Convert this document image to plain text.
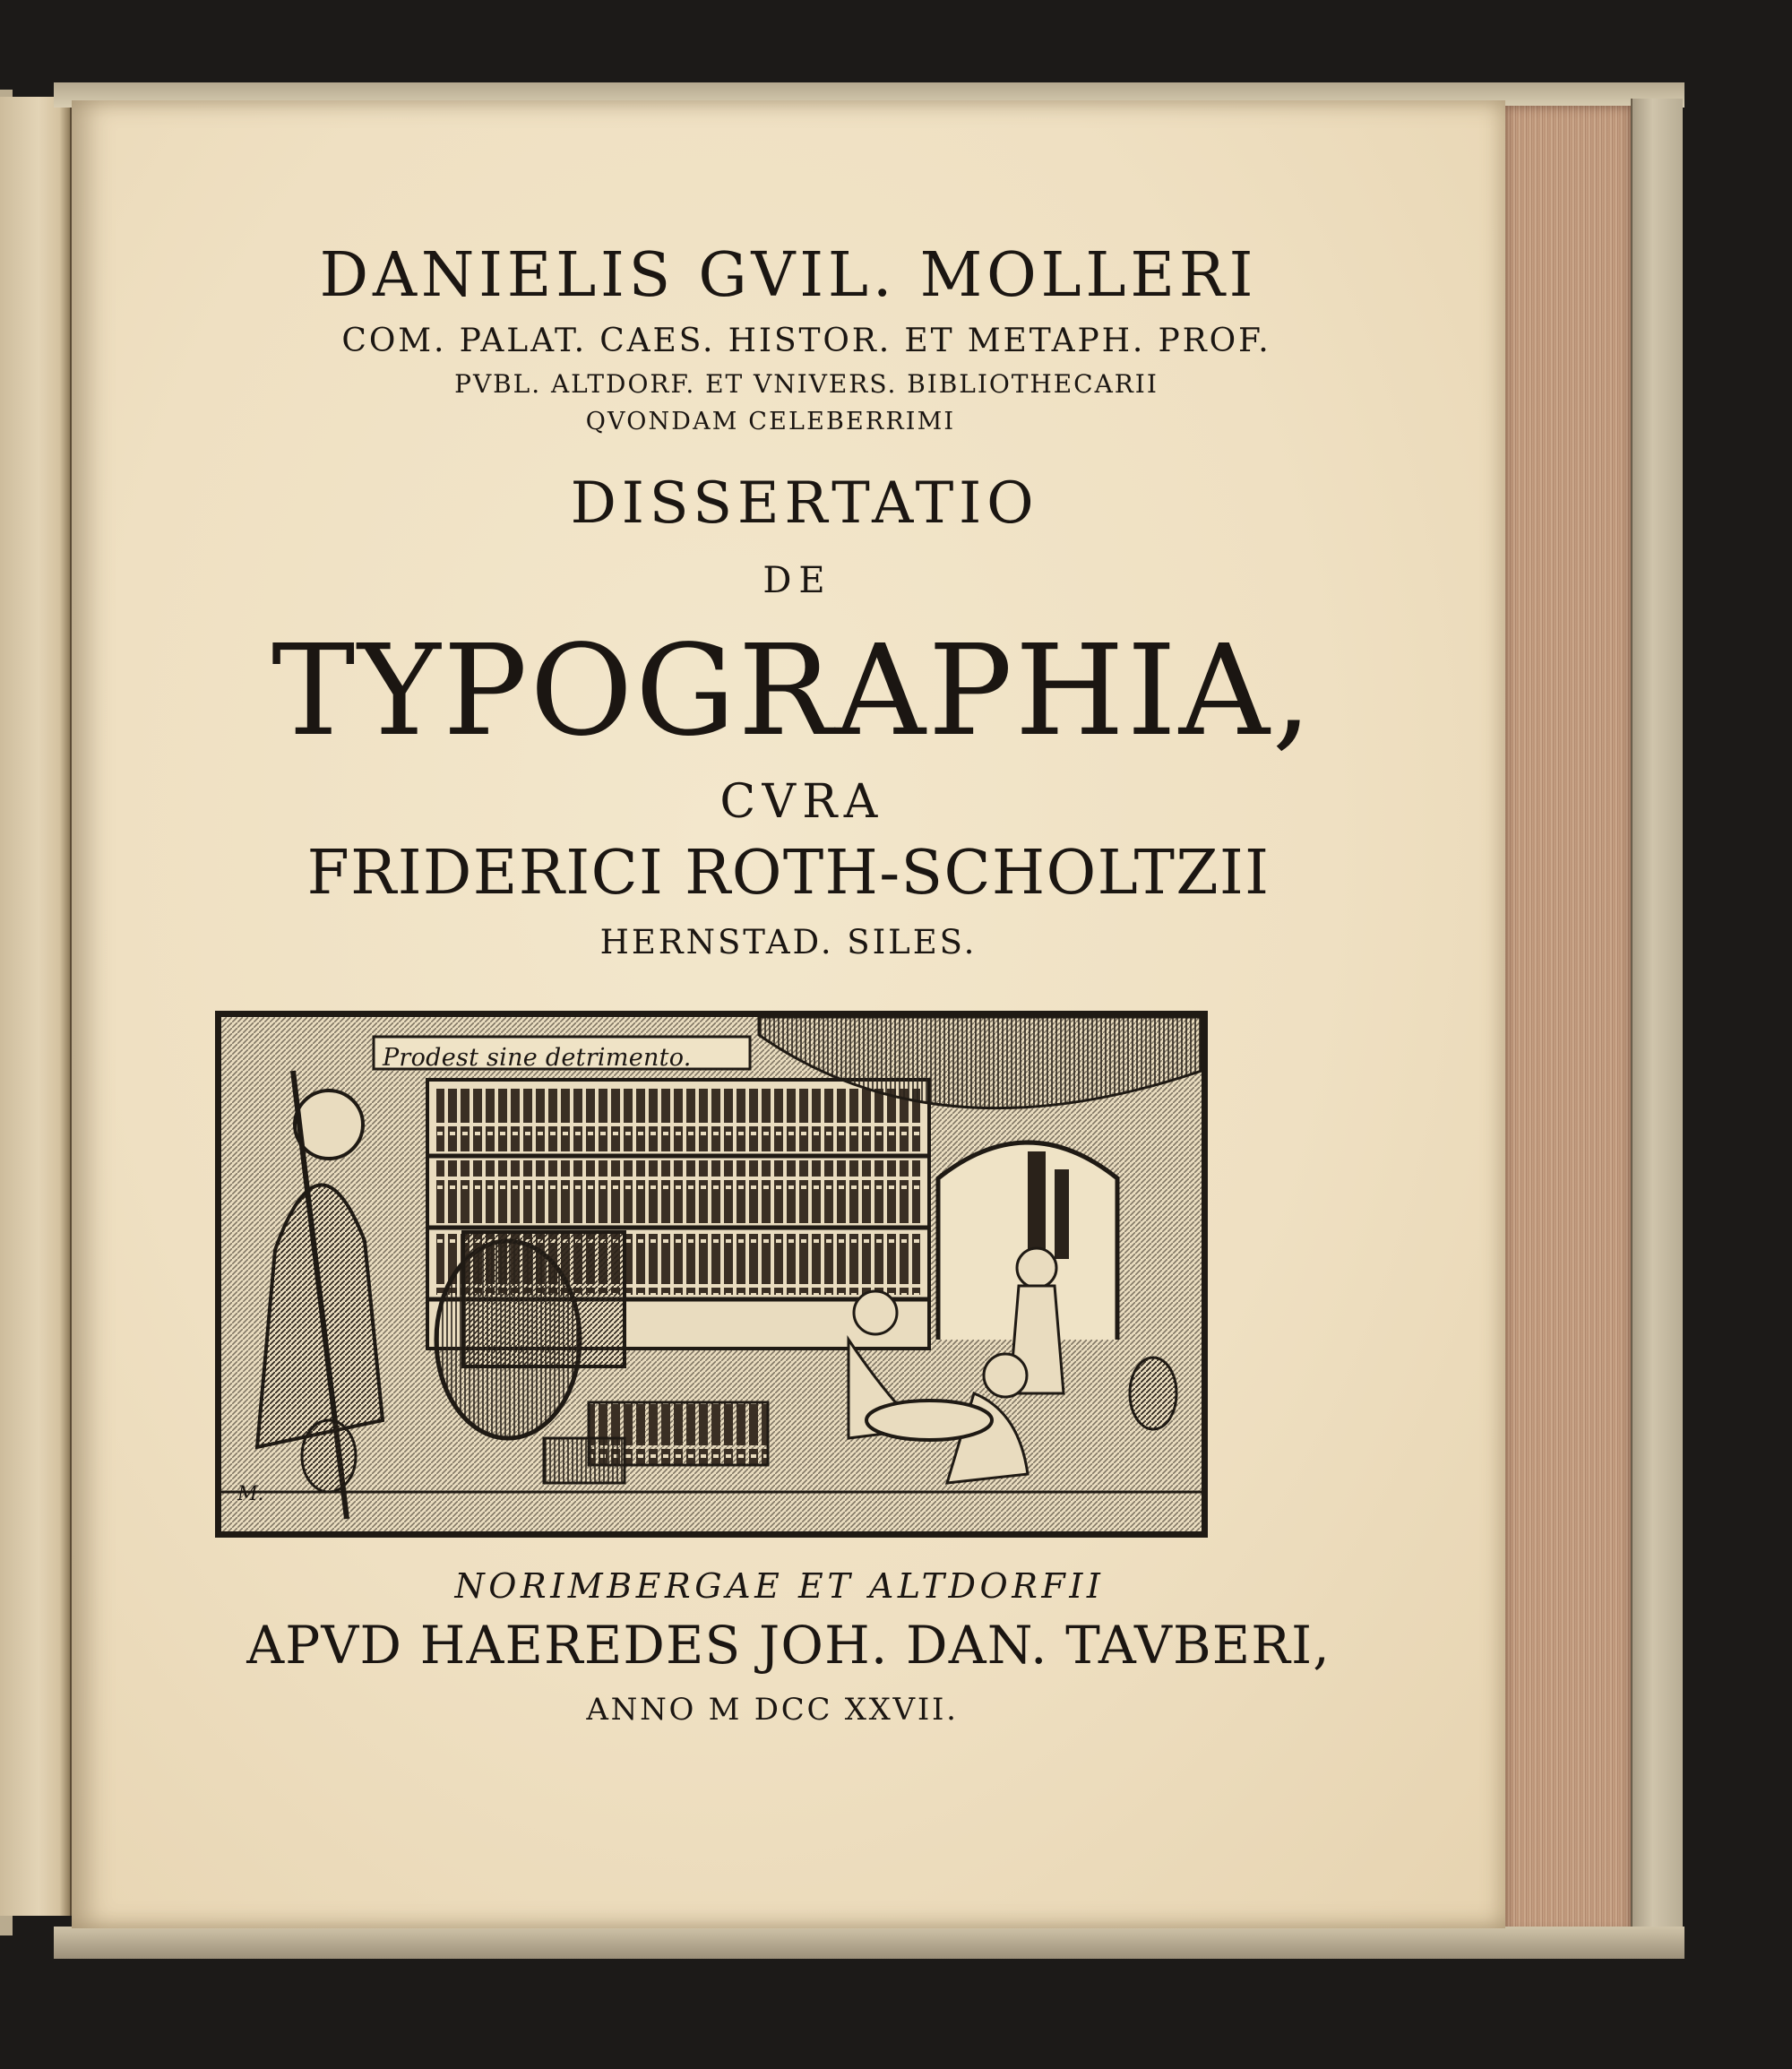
DANIELIS GVIL. MOLLERI
COM. PALAT. CAES. HISTOR. ET METAPH. PROF.
PVBL. ALTDORF. ET VNIVERS. BIBLIOTHECARII
QVONDAM CELEBERRIMI
DISSERTATIO
DE
TYPOGRAPHIA,
CVRA
FRIDERICI ROTH-SCHOLTZII
HERNSTAD. SILES.
Prodest sine detrimento.
M.
NORIMBERGAE ET ALTDORFII
APVD HAEREDES JOH. DAN. TAVBERI,
ANNO M DCC XXVII.
